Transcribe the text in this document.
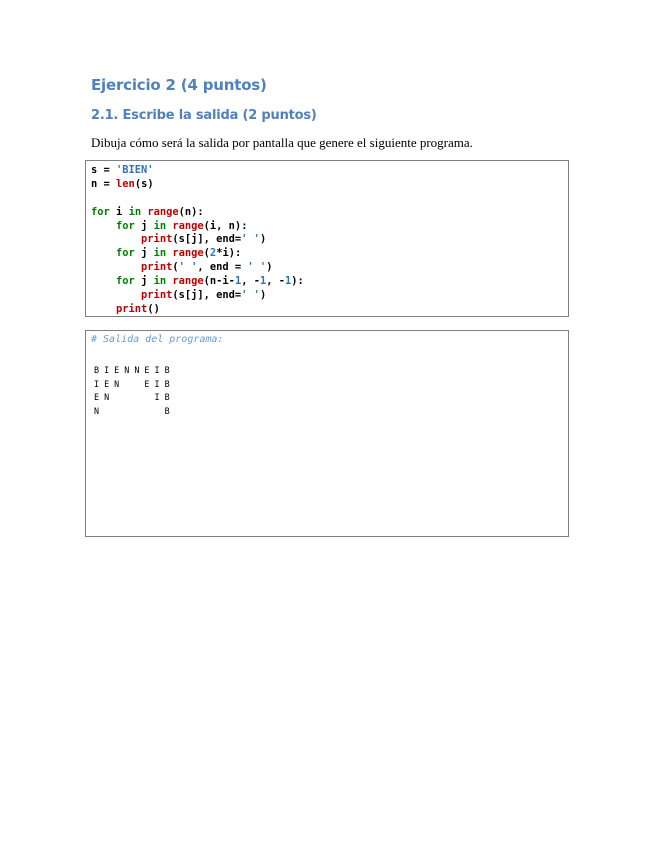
Ejercicio 2 (4 puntos)
2.1. Escribe la salida (2 puntos)
Dibuja cómo será la salida por pantalla que genere el siguiente programa.
s = 'BIEN'
n = len(s)
for i in range(n):
for j in range(i, n):
print(s[j], end=' ')
for j in range(2*i):
print(' ', end = ' ')
for j in range(n-i-1, -1, -1):
print(s[j], end=' ')
print()
# Salida del programa:
B I E N N E I B
I E N     E I B
E N         I B
N             B
